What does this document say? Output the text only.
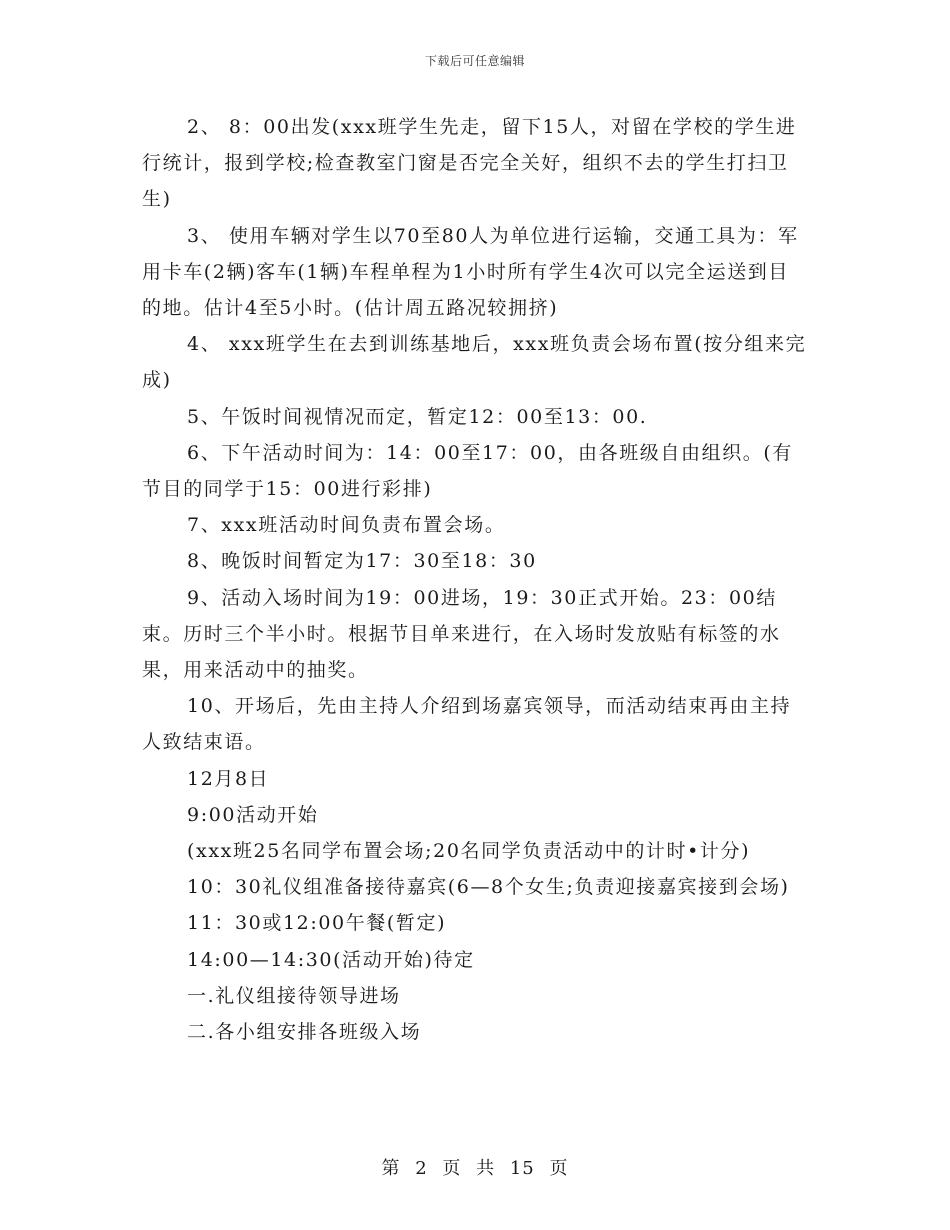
下载后可任意编辑

2、 8：00出发(xxx班学生先走，留下15人，对留在学校的学生进行统计，报到学校;检查教室门窗是否完全关好，组织不去的学生打扫卫生)

3、 使用车辆对学生以70至80人为单位进行运输，交通工具为：军用卡车(2辆)客车(1辆)车程单程为1小时所有学生4次可以完全运送到目的地。估计4至5小时。(估计周五路况较拥挤)

4、 xxx班学生在去到训练基地后，xxx班负责会场布置(按分组来完成)

5、午饭时间视情况而定，暂定12：00至13：00.

6、下午活动时间为：14：00至17：00，由各班级自由组织。(有节目的同学于15：00进行彩排)

7、xxx班活动时间负责布置会场。

8、晚饭时间暂定为17：30至18：30

9、活动入场时间为19：00进场，19：30正式开始。23：00结束。历时三个半小时。根据节目单来进行，在入场时发放贴有标签的水果，用来活动中的抽奖。

10、开场后，先由主持人介绍到场嘉宾领导，而活动结束再由主持人致结束语。

12月8日

9:00活动开始

(xxx班25名同学布置会场;20名同学负责活动中的计时•计分)

10：30礼仪组准备接待嘉宾(6—8个女生;负责迎接嘉宾接到会场)

11：30或12:00午餐(暂定)

14:00—14:30(活动开始)待定

一.礼仪组接待领导进场

二.各小组安排各班级入场

第 2 页 共 15 页
